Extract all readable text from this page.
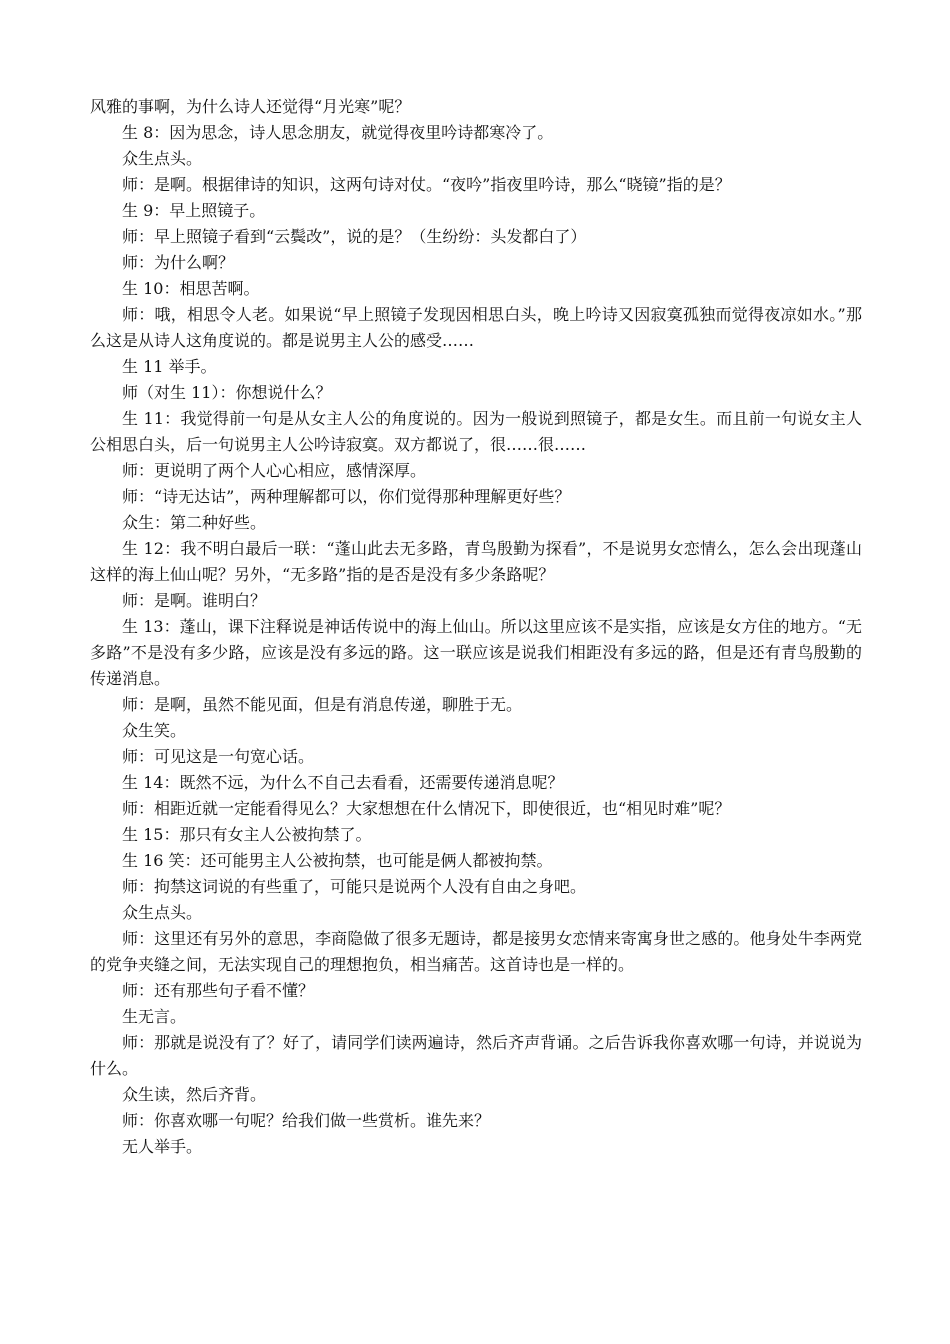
风雅的事啊，为什么诗人还觉得“月光寒”呢？

生 8：因为思念，诗人思念朋友，就觉得夜里吟诗都寒冷了。

众生点头。

师：是啊。根据律诗的知识，这两句诗对仗。“夜吟”指夜里吟诗，那么“晓镜”指的是？

生 9：早上照镜子。

师：早上照镜子看到“云鬓改”，说的是？（生纷纷：头发都白了）

师：为什么啊？

生 10：相思苦啊。

师：哦，相思令人老。如果说“早上照镜子发现因相思白头，晚上吟诗又因寂寞孤独而觉得夜凉如水。”那么这是从诗人这角度说的。都是说男主人公的感受……

生 11 举手。

师（对生 11）：你想说什么？

生 11：我觉得前一句是从女主人公的角度说的。因为一般说到照镜子，都是女生。而且前一句说女主人公相思白头，后一句说男主人公吟诗寂寞。双方都说了，很……很……

师：更说明了两个人心心相应，感情深厚。

师：“诗无达诂”，两种理解都可以，你们觉得那种理解更好些？

众生：第二种好些。

生 12：我不明白最后一联：“蓬山此去无多路，青鸟殷勤为探看”，不是说男女恋情么，怎么会出现蓬山这样的海上仙山呢？另外，“无多路”指的是否是没有多少条路呢？

师：是啊。谁明白？

生 13：蓬山，课下注释说是神话传说中的海上仙山。所以这里应该不是实指，应该是女方住的地方。“无多路”不是没有多少路，应该是没有多远的路。这一联应该是说我们相距没有多远的路，但是还有青鸟殷勤的传递消息。

师：是啊，虽然不能见面，但是有消息传递，聊胜于无。

众生笑。

师：可见这是一句宽心话。

生 14：既然不远，为什么不自己去看看，还需要传递消息呢？

师：相距近就一定能看得见么？大家想想在什么情况下，即使很近，也“相见时难”呢？

生 15：那只有女主人公被拘禁了。

生 16 笑：还可能男主人公被拘禁，也可能是俩人都被拘禁。

师：拘禁这词说的有些重了，可能只是说两个人没有自由之身吧。

众生点头。

师：这里还有另外的意思，李商隐做了很多无题诗，都是接男女恋情来寄寓身世之感的。他身处牛李两党的党争夹缝之间，无法实现自己的理想抱负，相当痛苦。这首诗也是一样的。

师：还有那些句子看不懂？

生无言。

师：那就是说没有了？好了，请同学们读两遍诗，然后齐声背诵。之后告诉我你喜欢哪一句诗，并说说为什么。

众生读，然后齐背。

师：你喜欢哪一句呢？给我们做一些赏析。谁先来？

无人举手。
